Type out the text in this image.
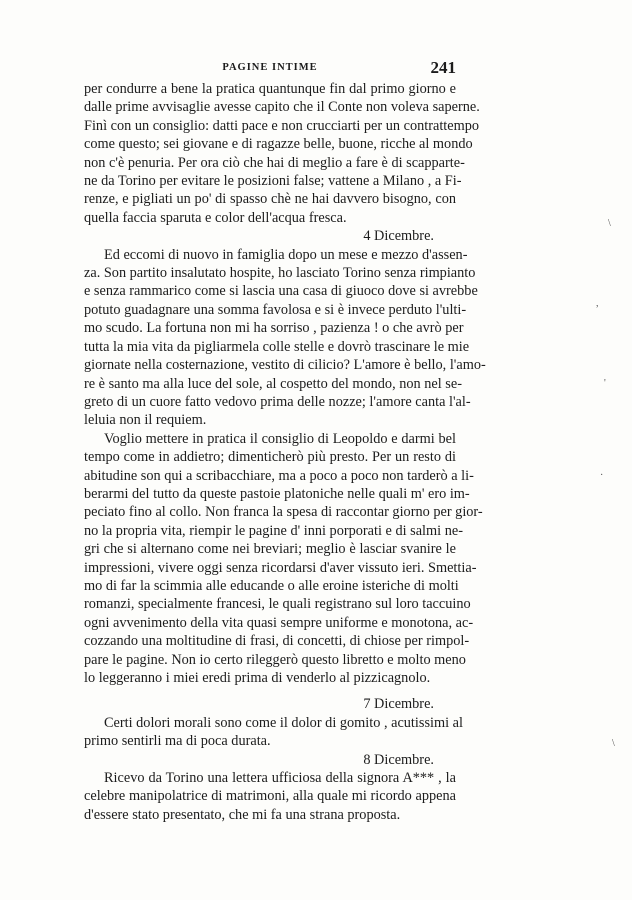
PAGINE INTIME	241
per condurre a bene la pratica quantunque fin dal primo giorno e
dalle prime avvisaglie avesse capito che il Conte non voleva saperne.
Finì con un consiglio: datti pace e non crucciarti per un contrattempo
come questo; sei giovane e di ragazze belle, buone, ricche al mondo
non c'è penuria. Per ora ciò che hai di meglio a fare è di scapparte-
ne da Torino per evitare le posizioni false; vattene a Milano , a Fi-
renze, e pigliati un po' di spasso chè ne hai davvero bisogno, con
quella faccia sparuta e color dell'acqua fresca.
4 Dicembre.
Ed eccomi di nuovo in famiglia dopo un mese e mezzo d'assen-
za. Son partito insalutato hospite, ho lasciato Torino senza rimpianto
e senza rammarico come si lascia una casa di giuoco dove si avrebbe
potuto guadagnare una somma favolosa e si è invece perduto l'ulti-
mo scudo. La fortuna non mi ha sorriso , pazienza ! o che avrò per
tutta la mia vita da pigliarmela colle stelle e dovrò trascinare le mie
giornate nella costernazione, vestito di cilicio? L'amore è bello, l'amo-
re è santo ma alla luce del sole, al cospetto del mondo, non nel se-
greto di un cuore fatto vedovo prima delle nozze; l'amore canta l'al-
leluia non il requiem.
Voglio mettere in pratica il consiglio di Leopoldo e darmi bel
tempo come in addietro; dimenticherò più presto. Per un resto di
abitudine son qui a scribacchiare, ma a poco a poco non tarderò a li-
berarmi del tutto da queste pastoie platoniche nelle quali m' ero im-
peciato fino al collo. Non franca la spesa di raccontar giorno per gior-
no la propria vita, riempir le pagine d' inni porporati e di salmi ne-
gri che si alternano come nei breviari; meglio è lasciar svanire le
impressioni, vivere oggi senza ricordarsi d'aver vissuto ieri. Smettia-
mo di far la scimmia alle educande o alle eroine isteriche di molti
romanzi, specialmente francesi, le quali registrano sul loro taccuino
ogni avvenimento della vita quasi sempre uniforme e monotona, ac-
cozzando una moltitudine di frasi, di concetti, di chiose per rimpol-
pare le pagine. Non io certo rileggerò questo libretto e molto meno
lo leggeranno i miei eredi prima di venderlo al pizzicagnolo.
7 Dicembre.
Certi dolori morali sono come il dolor di gomito , acutissimi al
primo sentirli ma di poca durata.
8 Dicembre.
Ricevo da Torino una lettera ufficiosa della signora A*** , la
celebre manipolatrice di matrimoni, alla quale mi ricordo appena
d'essere stato presentato, che mi fa una strana proposta.
\
,
'
·
\
